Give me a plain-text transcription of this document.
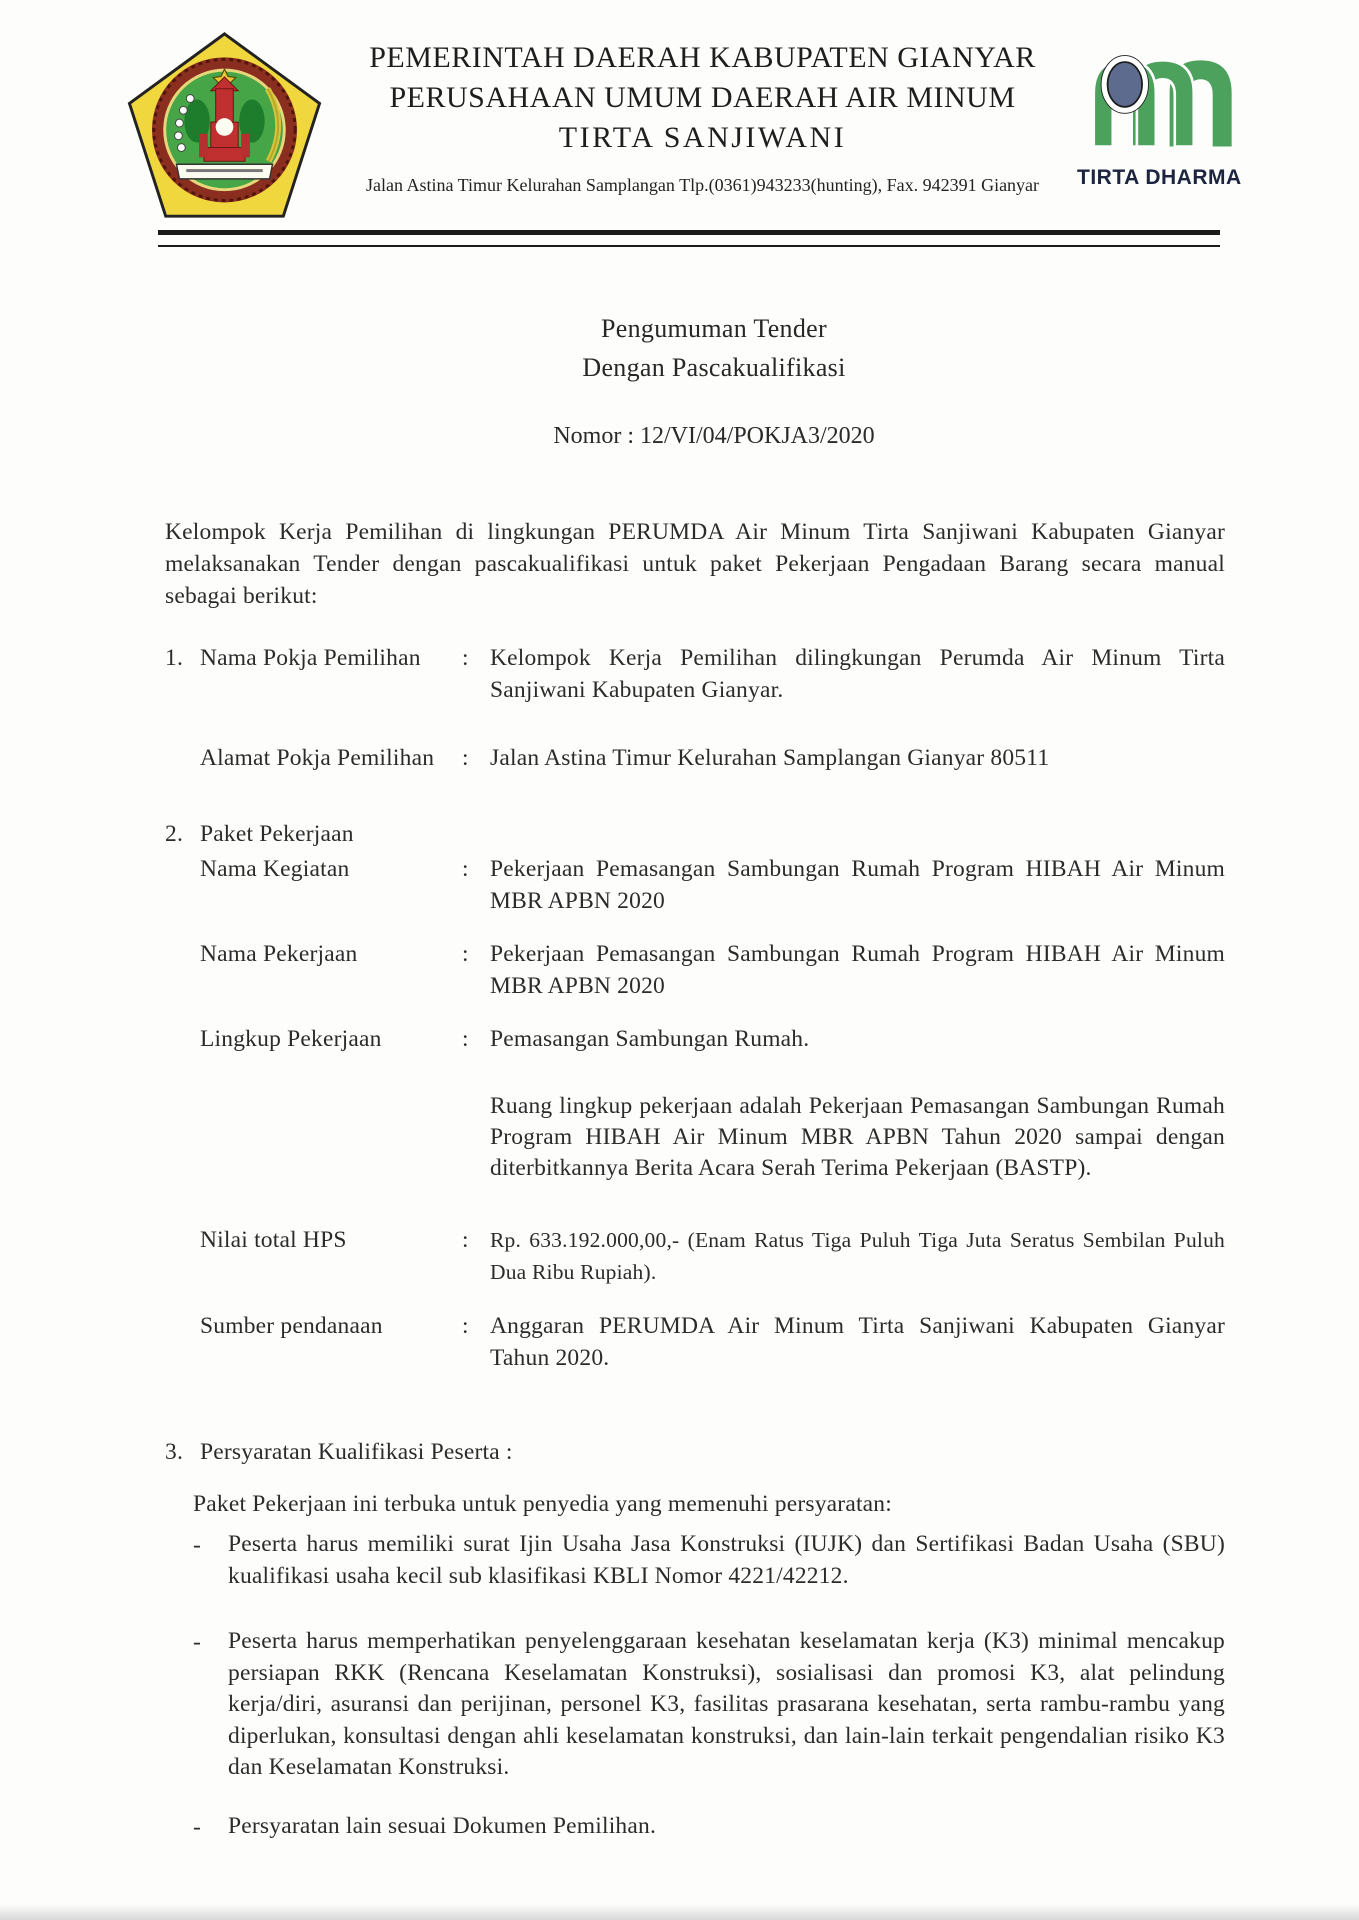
PEMERINTAH DAERAH KABUPATEN GIANYAR
PERUSAHAAN UMUM DAERAH AIR MINUM
TIRTA SANJIWANI
Jalan Astina Timur Kelurahan Samplangan Tlp.(0361)943233(hunting), Fax. 942391 Gianyar	TIRTA DHARMA
Pengumuman Tender
Dengan Pascakualifikasi
Nomor : 12/VI/04/POKJA3/2020
Kelompok Kerja Pemilihan di lingkungan PERUMDA Air Minum Tirta Sanjiwani Kabupaten Gianyar melaksanakan Tender dengan pascakualifikasi untuk paket Pekerjaan Pengadaan Barang secara manual sebagai berikut:
1. Nama Pokja Pemilihan	: Kelompok Kerja Pemilihan dilingkungan Perumda Air Minum Tirta Sanjiwani Kabupaten Gianyar.
Alamat Pokja Pemilihan	: Jalan Astina Timur Kelurahan Samplangan Gianyar 80511
2. Paket Pekerjaan
Nama Kegiatan	: Pekerjaan Pemasangan Sambungan Rumah Program HIBAH Air Minum MBR APBN 2020
Nama Pekerjaan	: Pekerjaan Pemasangan Sambungan Rumah Program HIBAH Air Minum MBR APBN 2020
Lingkup Pekerjaan	: Pemasangan Sambungan Rumah.
Ruang lingkup pekerjaan adalah Pekerjaan Pemasangan Sambungan Rumah Program HIBAH Air Minum MBR APBN Tahun 2020 sampai dengan diterbitkannya Berita Acara Serah Terima Pekerjaan (BASTP).
Nilai total HPS	: Rp. 633.192.000,00,- (Enam Ratus Tiga Puluh Tiga Juta Seratus Sembilan Puluh Dua Ribu Rupiah).
Sumber pendanaan	: Anggaran PERUMDA Air Minum Tirta Sanjiwani Kabupaten Gianyar Tahun 2020.
3. Persyaratan Kualifikasi Peserta :
Paket Pekerjaan ini terbuka untuk penyedia yang memenuhi persyaratan:
-	Peserta harus memiliki surat Ijin Usaha Jasa Konstruksi (IUJK) dan Sertifikasi Badan Usaha (SBU) kualifikasi usaha kecil sub klasifikasi KBLI Nomor 4221/42212.
-	Peserta harus memperhatikan penyelenggaraan kesehatan keselamatan kerja (K3) minimal mencakup persiapan RKK (Rencana Keselamatan Konstruksi), sosialisasi dan promosi K3, alat pelindung kerja/diri, asuransi dan perijinan, personel K3, fasilitas prasarana kesehatan, serta rambu-rambu yang diperlukan, konsultasi dengan ahli keselamatan konstruksi, dan lain-lain terkait pengendalian risiko K3 dan Keselamatan Konstruksi.
-	Persyaratan lain sesuai Dokumen Pemilihan.
